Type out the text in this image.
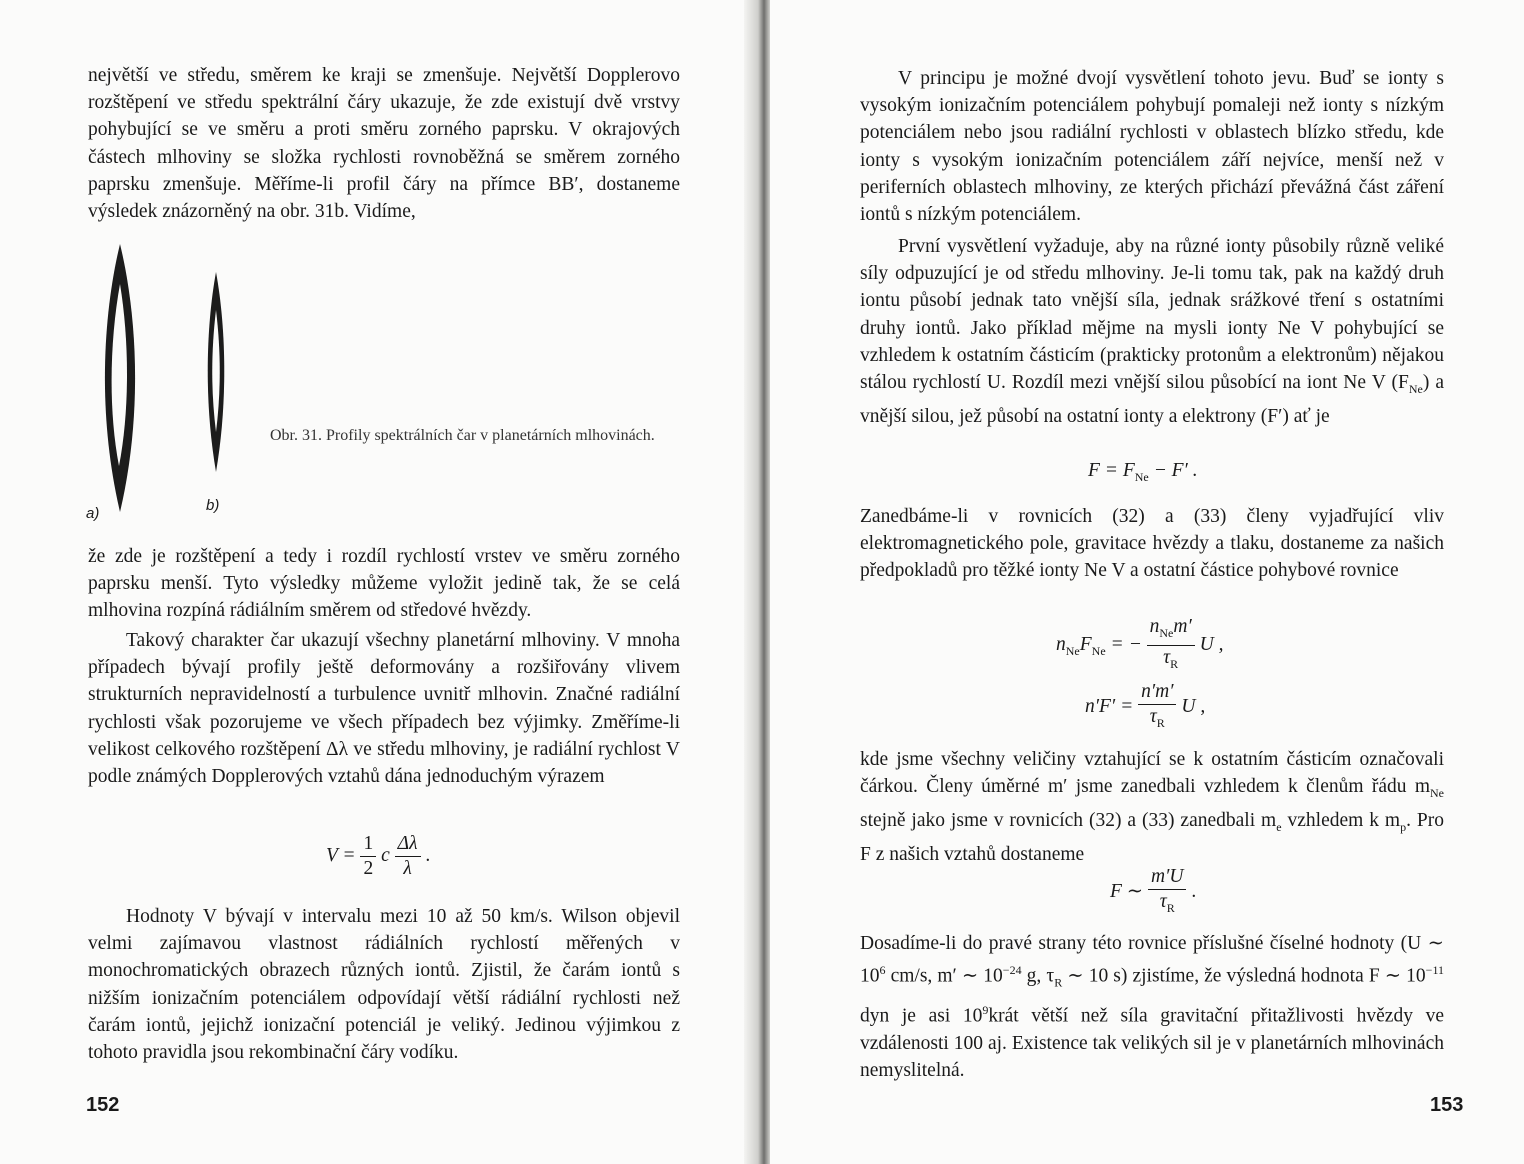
největší ve středu, směrem ke kraji se zmenšuje. Největší Dopplerovo rozštěpení ve středu spektrální čáry ukazuje, že zde existují dvě vrstvy pohybující se ve směru a proti směru zorného paprsku. V okrajových částech mlhoviny se složka rychlosti rovnoběžná se směrem zorného paprsku zmenšuje. Měříme-li profil čáry na přímce BB′, dostaneme výsledek znázorněný na obr. 31b. Vidíme,

a)	b)
Obr. 31. Profily spektrálních čar v planetárních mlhovinách.

že zde je rozštěpení a tedy i rozdíl rychlostí vrstev ve směru zorného paprsku menší. Tyto výsledky můžeme vyložit jedině tak, že se celá mlhovina rozpíná rádiálním směrem od středové hvězdy.

Takový charakter čar ukazují všechny planetární mlhoviny. V mnoha případech bývají profily ještě deformovány a rozšiřovány vlivem strukturních nepravidelností a turbulence uvnitř mlhovin. Značné radiální rychlosti však pozorujeme ve všech případech bez výjimky. Změříme-li velikost celkového rozštěpení Δλ ve středu mlhoviny, je radiální rychlost V podle známých Dopplerových vztahů dána jednoduchým výrazem

$V = \frac{1}{2}$ c $\frac{\Delta\lambda}{\lambda}$ .

Hodnoty V bývají v intervalu mezi 10 až 50 km/s. Wilson objevil velmi zajímavou vlastnost rádiálních rychlostí měřených v monochromatických obrazech různých iontů. Zjistil, že čarám iontů s nižším ionizačním potenciálem odpovídají větší rádiální rychlosti než čarám iontů, jejichž ionizační potenciál je veliký. Jedinou výjimkou z tohoto pravidla jsou rekombinační čáry vodíku.

152

V principu je možné dvojí vysvětlení tohoto jevu. Buď se ionty s vysokým ionizačním potenciálem pohybují pomaleji než ionty s nízkým potenciálem nebo jsou radiální rychlosti v oblastech blízko středu, kde ionty s vysokým ionizačním potenciálem září nejvíce, menší než v periferních oblastech mlhoviny, ze kterých přichází převážná část záření iontů s nízkým potenciálem.

První vysvětlení vyžaduje, aby na různé ionty působily různě veliké síly odpuzující je od středu mlhoviny. Je-li tomu tak, pak na každý druh iontu působí jednak tato vnější síla, jednak srážkové tření s ostatními druhy iontů. Jako příklad mějme na mysli ionty Ne V pohybující se vzhledem k ostatním částicím (prakticky protonům a elektronům) nějakou stálou rychlostí U. Rozdíl mezi vnější silou působící na iont Ne V $(F_{Ne})$ a vnější silou, jež působí na ostatní ionty a elektrony (F′) ať je

$F = F_{Ne} - F'$ .

Zanedbáme-li v rovnicích (32) a (33) členy vyjadřující vliv elektromagnetického pole, gravitace hvězdy a tlaku, dostaneme za našich předpokladů pro těžké ionty Ne V a ostatní částice pohybové rovnice

$n_{Ne}F_{Ne}$ = − $\frac{n_{Ne}m'}{\tau_R}$ U ,
$n'F' = \frac{n'm'}{\tau_R}$ U ,

kde jsme všechny veličiny vztahující se k ostatním částicím označovali čárkou. Členy úměrné m′ jsme zanedbali vzhledem k členům řádu $m_{Ne}$ stejně jako jsme v rovnicích (32) a (33) zanedbali $m_e$ vzhledem k $m_p$. Pro F z našich vztahů dostaneme

F ∼ $\frac{m'U}{\tau_R}$ .

Dosadíme-li do pravé strany této rovnice příslušné číselné hodnoty (U ∼ $10^6$ cm/s, m′ ∼ $10^{-24}$ g, $\tau_R$ ∼ 10 s) zjistíme, že výsledná hodnota F ∼ $10^{-11}$ dyn je asi $10^9krát$ větší než síla gravitační přitažlivosti hvězdy ve vzdálenosti 100 aj. Existence tak velikých sil je v planetárních mlhovinách nemyslitelná.

153
